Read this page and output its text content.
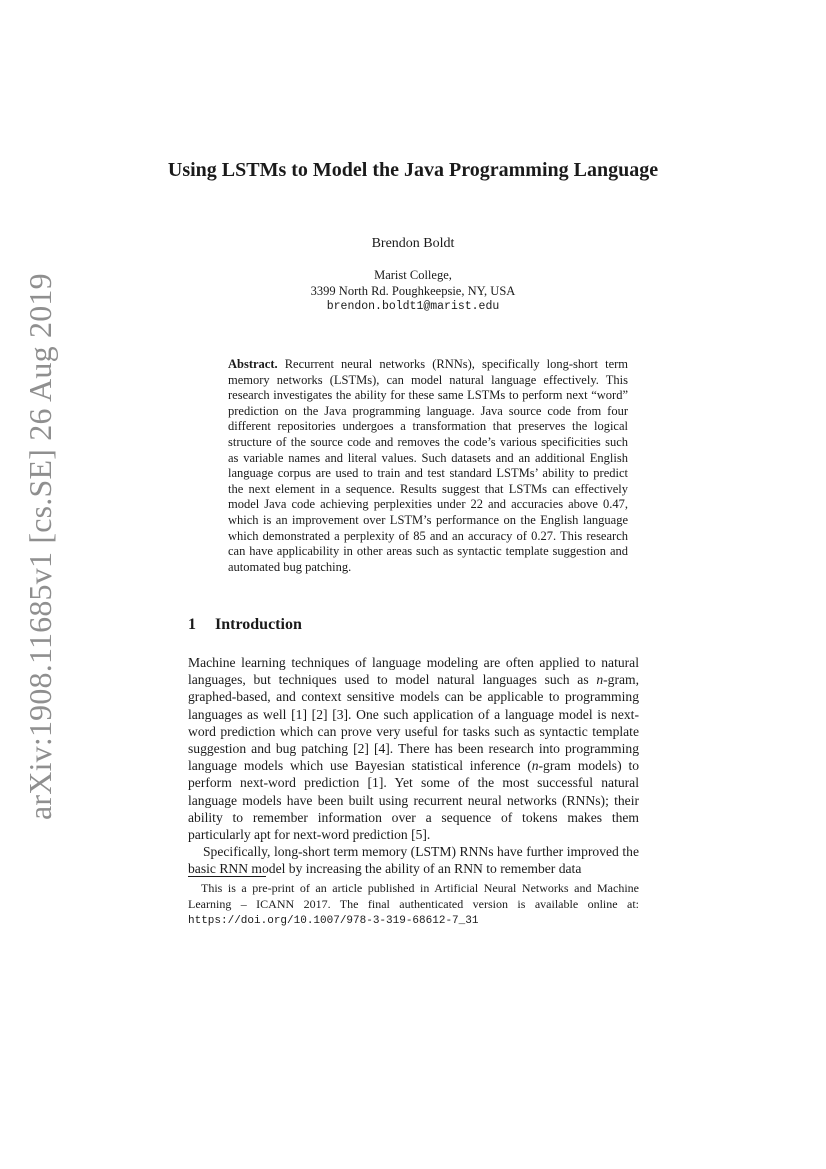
arXiv:1908.11685v1 [cs.SE] 26 Aug 2019
Using LSTMs to Model the Java Programming Language
Brendon Boldt
Marist College,
3399 North Rd. Poughkeepsie, NY, USA
brendon.boldt1@marist.edu
Abstract. Recurrent neural networks (RNNs), specifically long-short term memory networks (LSTMs), can model natural language effectively. This research investigates the ability for these same LSTMs to perform next “word” prediction on the Java programming language. Java source code from four different repositories undergoes a transformation that preserves the logical structure of the source code and removes the code’s various specificities such as variable names and literal values. Such datasets and an additional English language corpus are used to train and test standard LSTMs’ ability to predict the next element in a sequence. Results suggest that LSTMs can effectively model Java code achieving perplexities under 22 and accuracies above 0.47, which is an improvement over LSTM’s performance on the English language which demonstrated a perplexity of 85 and an accuracy of 0.27. This research can have applicability in other areas such as syntactic template suggestion and automated bug patching.
1 Introduction

Machine learning techniques of language modeling are often applied to natural languages, but techniques used to model natural languages such as n-gram, graphed-based, and context sensitive models can be applicable to programming languages as well [1] [2] [3]. One such application of a language model is next-word prediction which can prove very useful for tasks such as syntactic template suggestion and bug patching [2] [4]. There has been research into programming language models which use Bayesian statistical inference (n-gram models) to perform next-word prediction [1]. Yet some of the most successful natural language models have been built using recurrent neural networks (RNNs); their ability to remember information over a sequence of tokens makes them particularly apt for next-word prediction [5].

Specifically, long-short term memory (LSTM) RNNs have further improved the basic RNN model by increasing the ability of an RNN to remember data

This is a pre-print of an article published in Artificial Neural Networks and Machine Learning – ICANN 2017. The final authenticated version is available online at: https://doi.org/10.1007/978-3-319-68612-7_31
